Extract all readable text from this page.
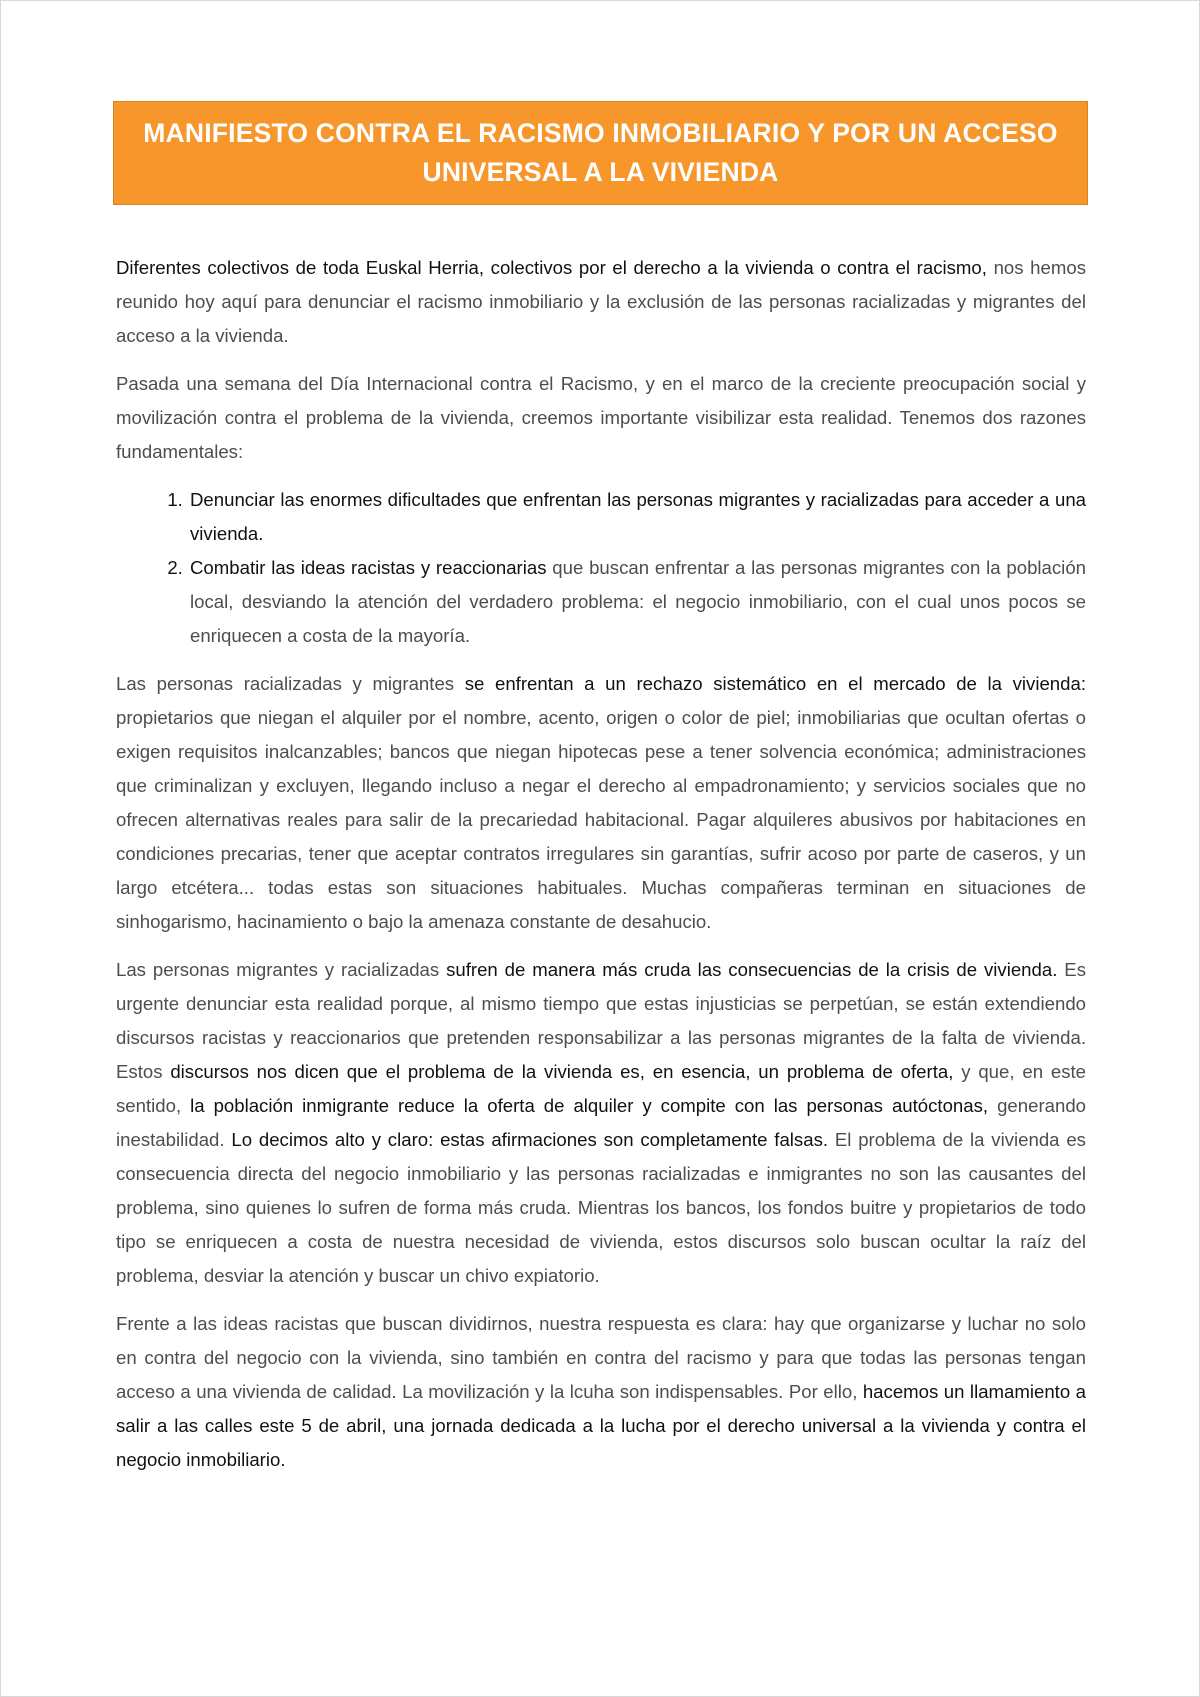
MANIFIESTO CONTRA EL RACISMO INMOBILIARIO Y POR UN ACCESO
UNIVERSAL A LA VIVIENDA

Diferentes colectivos de toda Euskal Herria, colectivos por el derecho a la vivienda o contra el racismo, nos hemos reunido hoy aquí para denunciar el racismo inmobiliario y la exclusión de las personas racializadas y migrantes del acceso a la vivienda.

Pasada una semana del Día Internacional contra el Racismo, y en el marco de la creciente preocupación social y movilización contra el problema de la vivienda, creemos importante visibilizar esta realidad. Tenemos dos razones fundamentales:

1. Denunciar las enormes dificultades que enfrentan las personas migrantes y racializadas para acceder a una vivienda.
2. Combatir las ideas racistas y reaccionarias que buscan enfrentar a las personas migrantes con la población local, desviando la atención del verdadero problema: el negocio inmobiliario, con el cual unos pocos se enriquecen a costa de la mayoría.

Las personas racializadas y migrantes se enfrentan a un rechazo sistemático en el mercado de la vivienda: propietarios que niegan el alquiler por el nombre, acento, origen o color de piel; inmobiliarias que ocultan ofertas o exigen requisitos inalcanzables; bancos que niegan hipotecas pese a tener solvencia económica; administraciones que criminalizan y excluyen, llegando incluso a negar el derecho al empadronamiento; y servicios sociales que no ofrecen alternativas reales para salir de la precariedad habitacional. Pagar alquileres abusivos por habitaciones en condiciones precarias, tener que aceptar contratos irregulares sin garantías, sufrir acoso por parte de caseros, y un largo etcétera... todas estas son situaciones habituales. Muchas compañeras terminan en situaciones de sinhogarismo, hacinamiento o bajo la amenaza constante de desahucio.

Las personas migrantes y racializadas sufren de manera más cruda las consecuencias de la crisis de vivienda. Es urgente denunciar esta realidad porque, al mismo tiempo que estas injusticias se perpetúan, se están extendiendo discursos racistas y reaccionarios que pretenden responsabilizar a las personas migrantes de la falta de vivienda. Estos discursos nos dicen que el problema de la vivienda es, en esencia, un problema de oferta, y que, en este sentido, la población inmigrante reduce la oferta de alquiler y compite con las personas autóctonas, generando inestabilidad. Lo decimos alto y claro: estas afirmaciones son completamente falsas. El problema de la vivienda es consecuencia directa del negocio inmobiliario y las personas racializadas e inmigrantes no son las causantes del problema, sino quienes lo sufren de forma más cruda. Mientras los bancos, los fondos buitre y propietarios de todo tipo se enriquecen a costa de nuestra necesidad de vivienda, estos discursos solo buscan ocultar la raíz del problema, desviar la atención y buscar un chivo expiatorio.

Frente a las ideas racistas que buscan dividirnos, nuestra respuesta es clara: hay que organizarse y luchar no solo en contra del negocio con la vivienda, sino también en contra del racismo y para que todas las personas tengan acceso a una vivienda de calidad. La movilización y la lcuha son indispensables. Por ello, hacemos un llamamiento a salir a las calles este 5 de abril, una jornada dedicada a la lucha por el derecho universal a la vivienda y contra el negocio inmobiliario.
